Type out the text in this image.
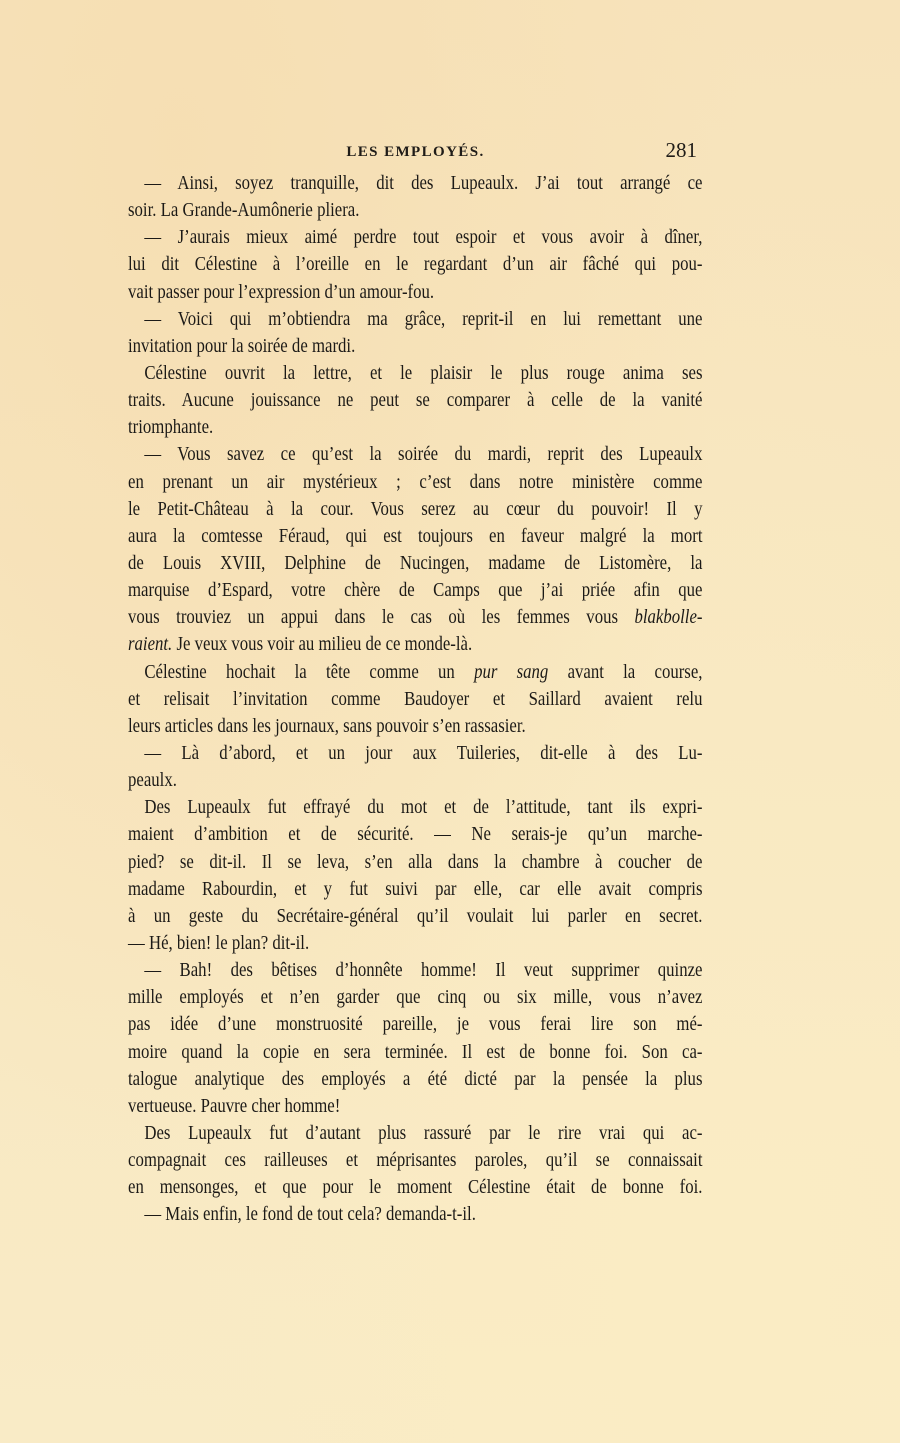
LES EMPLOYÉS.	281
— Ainsi, soyez tranquille, dit des Lupeaulx. J’ai tout arrangé ce
soir. La Grande-Aumônerie pliera.
— J’aurais mieux aimé perdre tout espoir et vous avoir à dîner,
lui dit Célestine à l’oreille en le regardant d’un air fâché qui pou-
vait passer pour l’expression d’un amour-fou.
— Voici qui m’obtiendra ma grâce, reprit-il en lui remettant une
invitation pour la soirée de mardi.
Célestine ouvrit la lettre, et le plaisir le plus rouge anima ses
traits. Aucune jouissance ne peut se comparer à celle de la vanité
triomphante.
— Vous savez ce qu’est la soirée du mardi, reprit des Lupeaulx
en prenant un air mystérieux ; c’est dans notre ministère comme
le Petit-Château à la cour. Vous serez au cœur du pouvoir! Il y
aura la comtesse Féraud, qui est toujours en faveur malgré la mort
de Louis XVIII, Delphine de Nucingen, madame de Listomère, la
marquise d’Espard, votre chère de Camps que j’ai priée afin que
vous trouviez un appui dans le cas où les femmes vous blakbolle-
raient. Je veux vous voir au milieu de ce monde-là.
Célestine hochait la tête comme un pur sang avant la course,
et relisait l’invitation comme Baudoyer et Saillard avaient relu
leurs articles dans les journaux, sans pouvoir s’en rassasier.
— Là d’abord, et un jour aux Tuileries, dit-elle à des Lu-
peaulx.
Des Lupeaulx fut effrayé du mot et de l’attitude, tant ils expri-
maient d’ambition et de sécurité. — Ne serais-je qu’un marche-
pied? se dit-il. Il se leva, s’en alla dans la chambre à coucher de
madame Rabourdin, et y fut suivi par elle, car elle avait compris
à un geste du Secrétaire-général qu’il voulait lui parler en secret.
— Hé, bien! le plan? dit-il.
— Bah! des bêtises d’honnête homme! Il veut supprimer quinze
mille employés et n’en garder que cinq ou six mille, vous n’avez
pas idée d’une monstruosité pareille, je vous ferai lire son mé-
moire quand la copie en sera terminée. Il est de bonne foi. Son ca-
talogue analytique des employés a été dicté par la pensée la plus
vertueuse. Pauvre cher homme!
Des Lupeaulx fut d’autant plus rassuré par le rire vrai qui ac-
compagnait ces railleuses et méprisantes paroles, qu’il se connaissait
en mensonges, et que pour le moment Célestine était de bonne foi.
— Mais enfin, le fond de tout cela? demanda-t-il.
